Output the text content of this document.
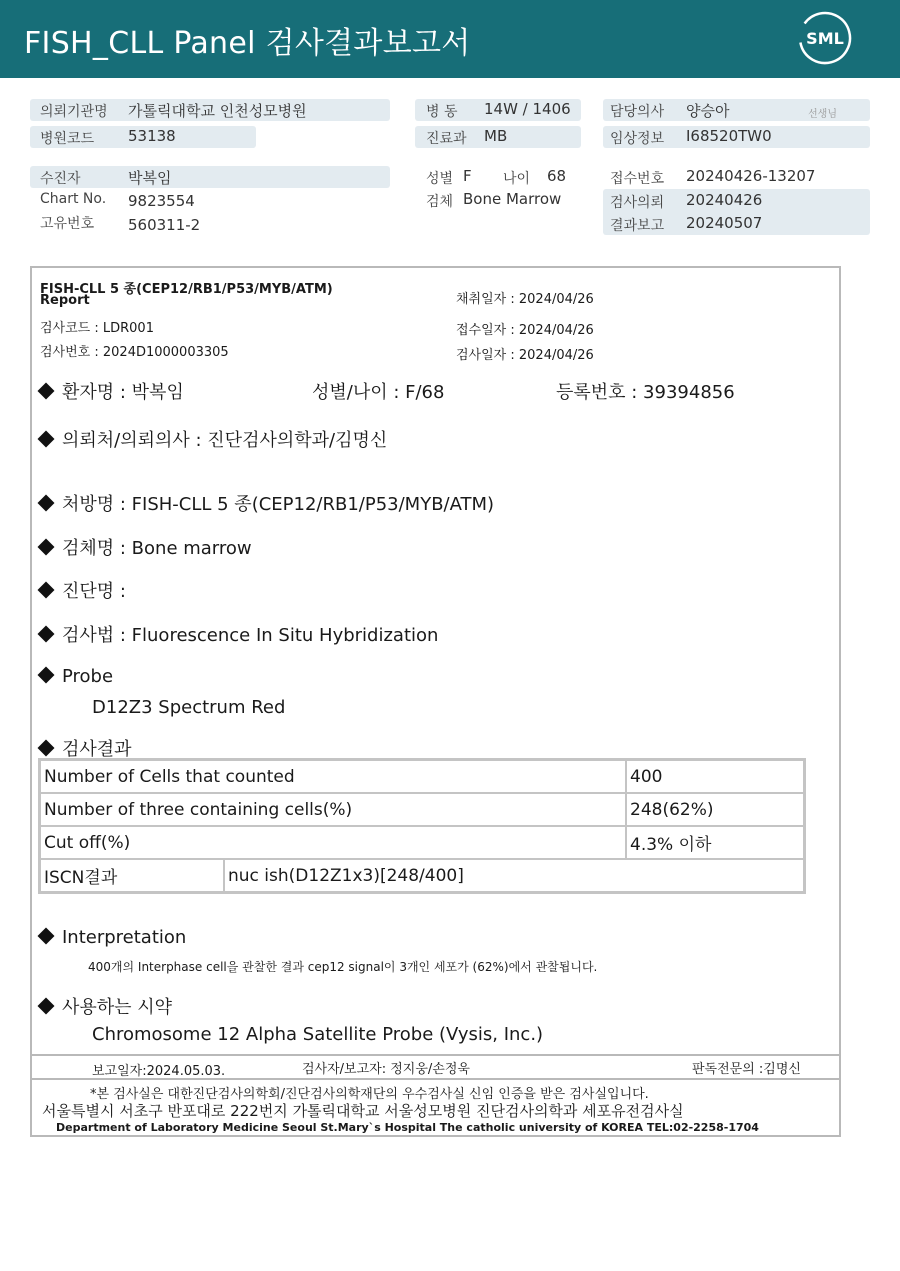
FISH_CLL Panel 검사결과보고서	SML
의뢰기관명 가톨릭대학교 인천성모병원
병원코드 53138
병 동 14W / 1406
진료과 MB
담당의사 양승아	선생님
임상정보 I68520TW0
수진자	박복임
Chart No. 9823554
고유번호 560311-2
성별 F 나이 68
검체 Bone Marrow
접수번호 20240426-13207
검사의뢰 20240426
결과보고 20240507
FISH-CLL 5 종(CEP12/RB1/P53/MYB/ATM)
Report
검사코드 : LDR001
검사번호 : 2024D1000003305
채취일자 : 2024/04/26
접수일자 : 2024/04/26
검사일자 : 2024/04/26
환자명 : 박복임	성별/나이 : F/68	등록번호 : 39394856
의뢰처/의뢰의사 : 진단검사의학과/김명신
처방명 : FISH-CLL 5 종(CEP12/RB1/P53/MYB/ATM)
검체명 : Bone marrow
진단명 :
검사법 : Fluorescence In Situ Hybridization
Probe
D12Z3 Spectrum Red
검사결과
Number of Cells that counted		400
Number of three containing cells(%)		248(62%)
Cut off(%)		4.3% 이하
ISCN결과	nuc ish(D12Z1x3)[248/400]	
Interpretation
400개의 Interphase cell을 관찰한 결과 cep12 signal이 3개인 세포가 (62%)에서 관찰됩니다.
사용하는 시약
Chromosome 12 Alpha Satellite Probe (Vysis, Inc.)
보고일자:2024.05.03.	검사자/보고자: 정지웅/손정욱	판독전문의 :김명신
*본 검사실은 대한진단검사의학회/진단검사의학재단의 우수검사실 신임 인증을 받은 검사실입니다.
서울특별시 서초구 반포대로 222번지 가톨릭대학교 서울성모병원 진단검사의학과 세포유전검사실
Department of Laboratory Medicine Seoul St.Mary`s Hospital The catholic university of KOREA TEL:02-2258-1704
